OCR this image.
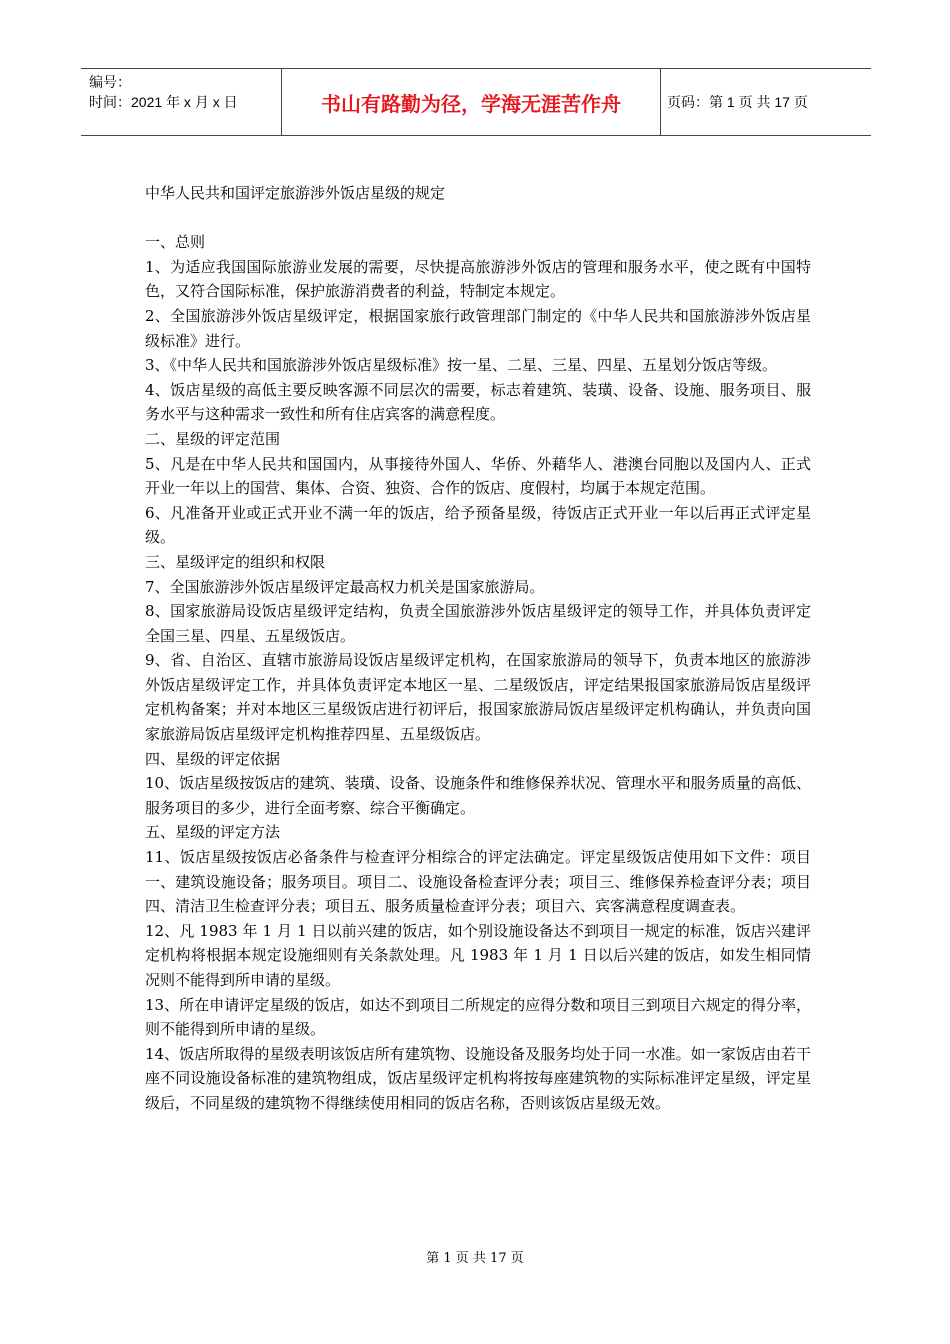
编号：
时间：2021 年 x 月 x 日	书山有路勤为径，学海无涯苦作舟	页码：第 1 页 共 17 页

中华人民共和国评定旅游涉外饭店星级的规定

一、总则

1、为适应我国国际旅游业发展的需要，尽快提高旅游涉外饭店的管理和服务水平，使之既有中国特色，又符合国际标准，保护旅游消费者的利益，特制定本规定。

2、全国旅游涉外饭店星级评定，根据国家旅行政管理部门制定的《中华人民共和国旅游涉外饭店星级标准》进行。

3、《中华人民共和国旅游涉外饭店星级标准》按一星、二星、三星、四星、五星划分饭店等级。

4、饭店星级的高低主要反映客源不同层次的需要，标志着建筑、装璜、设备、设施、服务项目、服务水平与这种需求一致性和所有住店宾客的满意程度。

二、星级的评定范围

5、凡是在中华人民共和国国内，从事接待外国人、华侨、外藉华人、港澳台同胞以及国内人、正式开业一年以上的国营、集体、合资、独资、合作的饭店、度假村，均属于本规定范围。

6、凡准备开业或正式开业不满一年的饭店，给予预备星级，待饭店正式开业一年以后再正式评定星级。

三、星级评定的组织和权限

7、全国旅游涉外饭店星级评定最高权力机关是国家旅游局。

8、国家旅游局设饭店星级评定结构，负责全国旅游涉外饭店星级评定的领导工作，并具体负责评定全国三星、四星、五星级饭店。

9、省、自治区、直辖市旅游局设饭店星级评定机构，在国家旅游局的领导下，负责本地区的旅游涉外饭店星级评定工作，并具体负责评定本地区一星、二星级饭店，评定结果报国家旅游局饭店星级评定机构备案；并对本地区三星级饭店进行初评后，报国家旅游局饭店星级评定机构确认，并负责向国家旅游局饭店星级评定机构推荐四星、五星级饭店。

四、星级的评定依据

10、饭店星级按饭店的建筑、装璜、设备、设施条件和维修保养状况、管理水平和服务质量的高低、服务项目的多少，进行全面考察、综合平衡确定。

五、星级的评定方法

11、饭店星级按饭店必备条件与检查评分相综合的评定法确定。评定星级饭店使用如下文件：项目一、建筑设施设备；服务项目。项目二、设施设备检查评分表；项目三、维修保养检查评分表；项目四、清洁卫生检查评分表；项目五、服务质量检查评分表；项目六、宾客满意程度调查表。

12、凡 1983 年 1 月 1 日以前兴建的饭店，如个别设施设备达不到项目一规定的标准，饭店兴建评定机构将根据本规定设施细则有关条款处理。凡 1983 年 1 月 1 日以后兴建的饭店，如发生相同情况则不能得到所申请的星级。

13、所在申请评定星级的饭店，如达不到项目二所规定的应得分数和项目三到项目六规定的得分率，则不能得到所申请的星级。

14、饭店所取得的星级表明该饭店所有建筑物、设施设备及服务均处于同一水准。如一家饭店由若干座不同设施设备标准的建筑物组成，饭店星级评定机构将按每座建筑物的实际标准评定星级，评定星级后，不同星级的建筑物不得继续使用相同的饭店名称，否则该饭店星级无效。

第 1 页 共 17 页
